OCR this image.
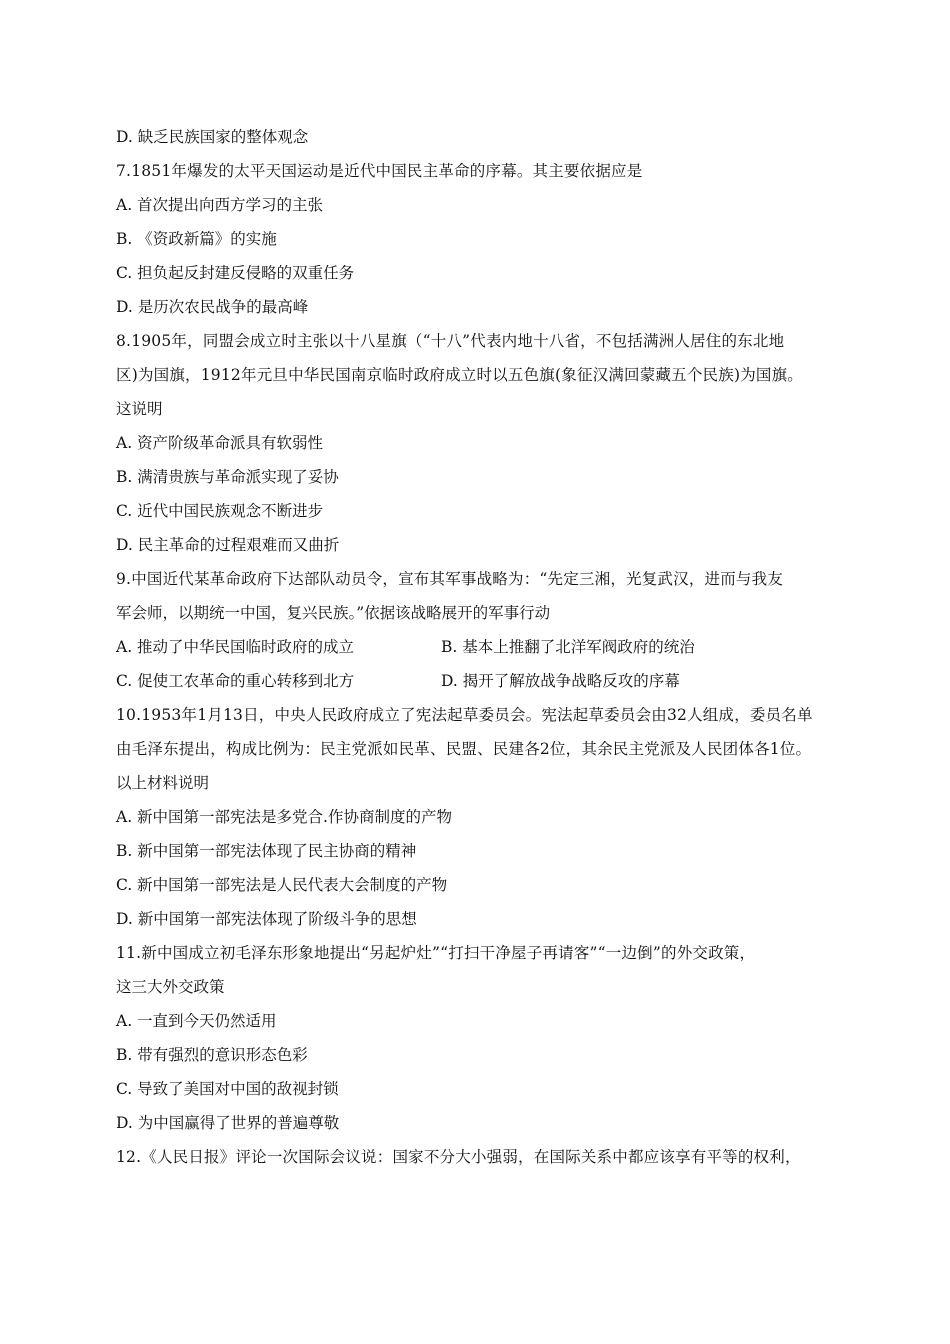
D. 缺乏民族国家的整体观念
7.1851年爆发的太平天国运动是近代中国民主革命的序幕。其主要依据应是
A. 首次提出向西方学习的主张
B. 《资政新篇》的实施
C. 担负起反封建反侵略的双重任务
D. 是历次农民战争的最高峰
8.1905年，同盟会成立时主张以十八星旗（“十八”代表内地十八省，不包括满洲人居住的东北地
区)为国旗，1912年元旦中华民国南京临时政府成立时以五色旗(象征汉满回蒙藏五个民族)为国旗。
这说明
A. 资产阶级革命派具有软弱性
B. 满清贵族与革命派实现了妥协
C. 近代中国民族观念不断进步
D. 民主革命的过程艰难而又曲折
9.中国近代某革命政府下达部队动员令，宣布其军事战略为：“先定三湘，光复武汉，进而与我友
军会师，以期统一中国，复兴民族。”依据该战略展开的军事行动
A. 推动了中华民国临时政府的成立	B. 基本上推翻了北洋军阀政府的统治
C. 促使工农革命的重心转移到北方	D. 揭开了解放战争战略反攻的序幕
10.1953年1月13日，中央人民政府成立了宪法起草委员会。宪法起草委员会由32人组成，委员名单
由毛泽东提出，构成比例为：民主党派如民革、民盟、民建各2位，其余民主党派及人民团体各1位。
以上材料说明
A. 新中国第一部宪法是多党合.作协商制度的产物
B. 新中国第一部宪法体现了民主协商的精神
C. 新中国第一部宪法是人民代表大会制度的产物
D. 新中国第一部宪法体现了阶级斗争的思想
11.新中国成立初毛泽东形象地提出“另起炉灶”“打扫干净屋子再请客”“一边倒”的外交政策，
这三大外交政策
A. 一直到今天仍然适用
B. 带有强烈的意识形态色彩
C. 导致了美国对中国的敌视封锁
D. 为中国赢得了世界的普遍尊敬
12.《人民日报》评论一次国际会议说：国家不分大小强弱，在国际关系中都应该享有平等的权利，
